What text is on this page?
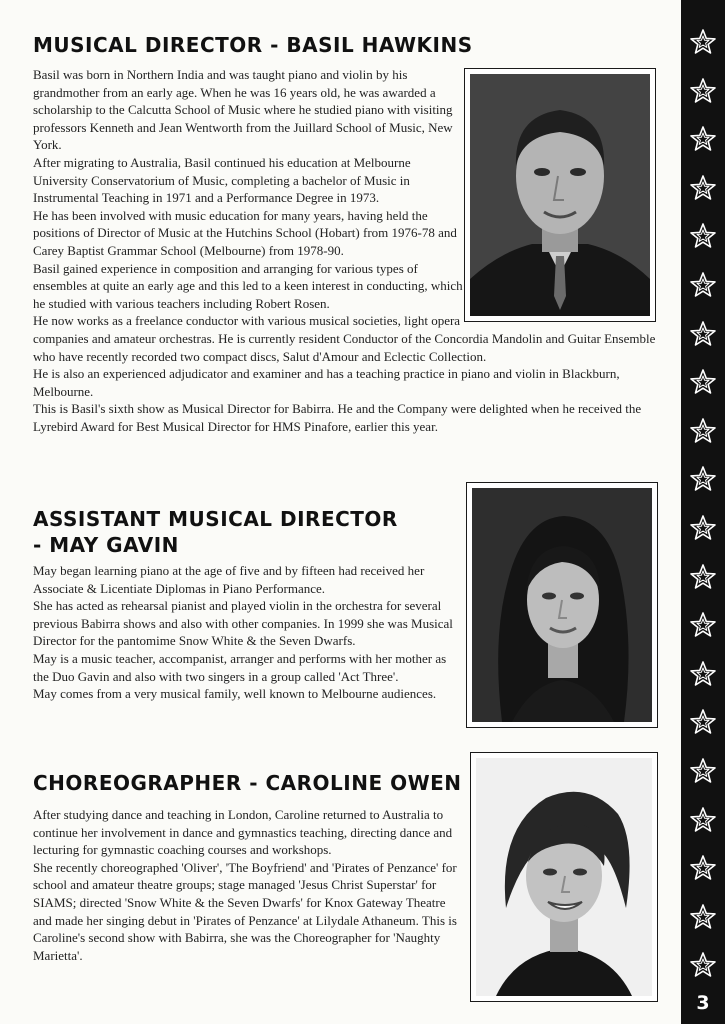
MUSICAL DIRECTOR - BASIL HAWKINS

Basil was born in Northern India and was taught piano and violin by his grandmother from an early age. When he was 16 years old, he was awarded a scholarship to the Calcutta School of Music where he studied piano with visiting professors Kenneth and Jean Wentworth from the Juillard School of Music, New York.

After migrating to Australia, Basil continued his education at Melbourne University Conservatorium of Music, completing a bachelor of Music in Instrumental Teaching in 1971 and a Performance Degree in 1973.

He has been involved with music education for many years, having held the positions of Director of Music at the Hutchins School (Hobart) from 1976-78 and Carey Baptist Grammar School (Melbourne) from 1978-90.

Basil gained experience in composition and arranging for various types of ensembles at quite an early age and this led to a keen interest in conducting, which he studied with various teachers including Robert Rosen.

He now works as a freelance conductor with various musical societies, light opera companies and amateur orchestras. He is currently resident Conductor of the Concordia Mandolin and Guitar Ensemble who have recently recorded two compact discs, Salut d'Amour and Eclectic Collection.

He is also an experienced adjudicator and examiner and has a teaching practice in piano and violin in Blackburn, Melbourne.

This is Basil's sixth show as Musical Director for Babirra. He and the Company were delighted when he received the Lyrebird Award for Best Musical Director for HMS Pinafore, earlier this year.

ASSISTANT MUSICAL DIRECTOR
- MAY GAVIN

May began learning piano at the age of five and by fifteen had received her Associate & Licentiate Diplomas in Piano Performance.

She has acted as rehearsal pianist and played violin in the orchestra for several previous Babirra shows and also with other companies. In 1999 she was Musical Director for the pantomime Snow White & the Seven Dwarfs.

May is a music teacher, accompanist, arranger and performs with her mother as the Duo Gavin and also with two singers in a group called 'Act Three'.

May comes from a very musical family, well known to Melbourne audiences.

CHOREOGRAPHER - CAROLINE OWEN

After studying dance and teaching in London, Caroline returned to Australia to continue her involvement in dance and gymnastics teaching, directing dance and lecturing for gymnastic coaching courses and workshops.

She recently choreographed 'Oliver', 'The Boyfriend' and 'Pirates of Penzance' for school and amateur theatre groups; stage managed 'Jesus Christ Superstar' for SIAMS; directed 'Snow White & the Seven Dwarfs' for Knox Gateway Theatre and made her singing debut in 'Pirates of Penzance' at Lilydale Athaneum. This is Caroline's second show with Babirra, she was the Choreographer for 'Naughty Marietta'.

3
